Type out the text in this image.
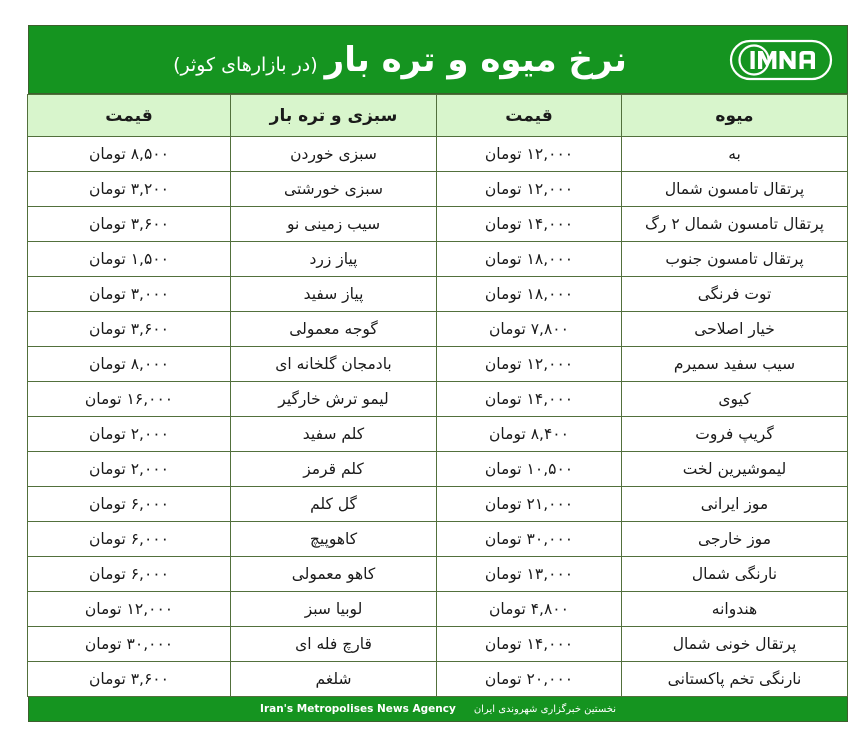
نرخ میوه و تره بار
(در بازارهای کوثر)
میوه	قیمت	سبزی و تره بار	قیمت
به	۱۲,۰۰۰ تومان	سبزی خوردن	۸,۵۰۰ تومان
پرتقال تامسون شمال	۱۲,۰۰۰ تومان	سبزی خورشتی	۳,۲۰۰ تومان
پرتقال تامسون شمال ۲ رگ	۱۴,۰۰۰ تومان	سیب زمینی نو	۳,۶۰۰ تومان
پرتقال تامسون جنوب	۱۸,۰۰۰ تومان	پیاز زرد	۱,۵۰۰ تومان
توت فرنگی	۱۸,۰۰۰ تومان	پیاز سفید	۳,۰۰۰ تومان
خیار اصلاحی	۷,۸۰۰ تومان	گوجه معمولی	۳,۶۰۰ تومان
سیب سفید سمیرم	۱۲,۰۰۰ تومان	بادمجان گلخانه ای	۸,۰۰۰ تومان
کیوی	۱۴,۰۰۰ تومان	لیمو ترش خارگیر	۱۶,۰۰۰ تومان
گریپ فروت	۸,۴۰۰ تومان	کلم سفید	۲,۰۰۰ تومان
لیموشیرین لخت	۱۰,۵۰۰ تومان	کلم قرمز	۲,۰۰۰ تومان
موز ایرانی	۲۱,۰۰۰ تومان	گل کلم	۶,۰۰۰ تومان
موز خارجی	۳۰,۰۰۰ تومان	کاهوپیچ	۶,۰۰۰ تومان
نارنگی شمال	۱۳,۰۰۰ تومان	کاهو معمولی	۶,۰۰۰ تومان
هندوانه	۴,۸۰۰ تومان	لوبیا سبز	۱۲,۰۰۰ تومان
پرتقال خونی شمال	۱۴,۰۰۰ تومان	قارچ فله ای	۳۰,۰۰۰ تومان
نارنگی تخم پاکستانی	۲۰,۰۰۰ تومان	شلغم	۳,۶۰۰ تومان
نخستین خبرگزاری شهروندی ایران
Iran's Metropolises News Agency
